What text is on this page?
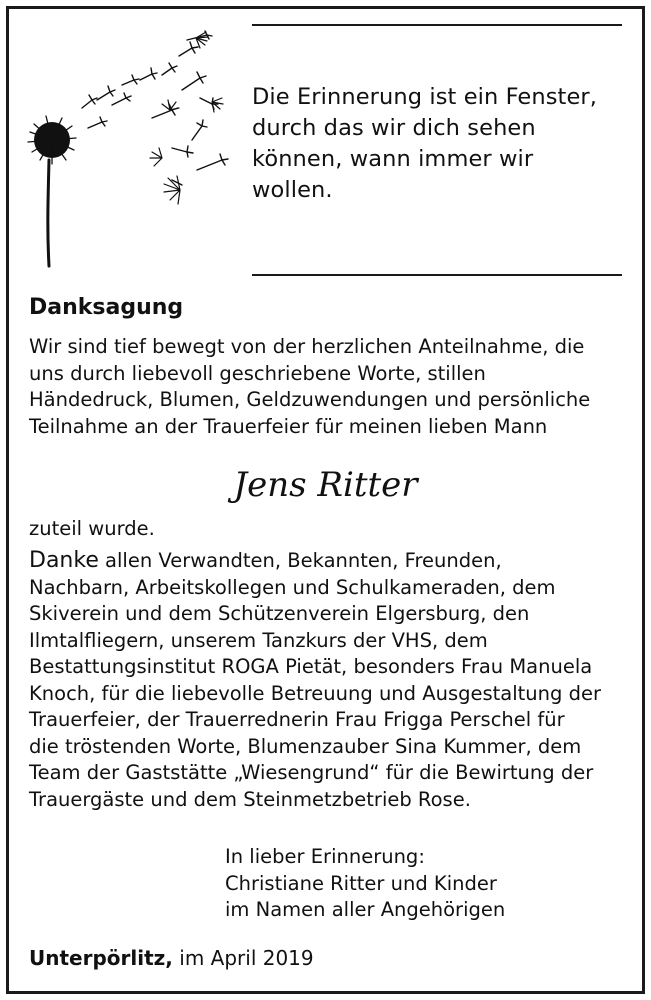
Die Erinnerung ist ein Fenster,
durch das wir dich sehen
können, wann immer wir
wollen.
Danksagung
Wir sind tief bewegt von der herzlichen Anteilnahme, die
uns durch liebevoll geschriebene Worte, stillen
Händedruck, Blumen, Geldzuwendungen und persönliche
Teilnahme an der Trauerfeier für meinen lieben Mann
Jens Ritter
zuteil wurde.
Danke allen Verwandten, Bekannten, Freunden,
Nachbarn, Arbeitskollegen und Schulkameraden, dem
Skiverein und dem Schützenverein Elgersburg, den
Ilmtalfliegern, unserem Tanzkurs der VHS, dem
Bestattungsinstitut ROGA Pietät, besonders Frau Manuela
Knoch, für die liebevolle Betreuung und Ausgestaltung der
Trauerfeier, der Trauerrednerin Frau Frigga Perschel für
die tröstenden Worte, Blumenzauber Sina Kummer, dem
Team der Gaststätte „Wiesengrund“ für die Bewirtung der
Trauergäste und dem Steinmetzbetrieb Rose.
In lieber Erinnerung:
Christiane Ritter und Kinder
im Namen aller Angehörigen
Unterpörlitz, im April 2019
